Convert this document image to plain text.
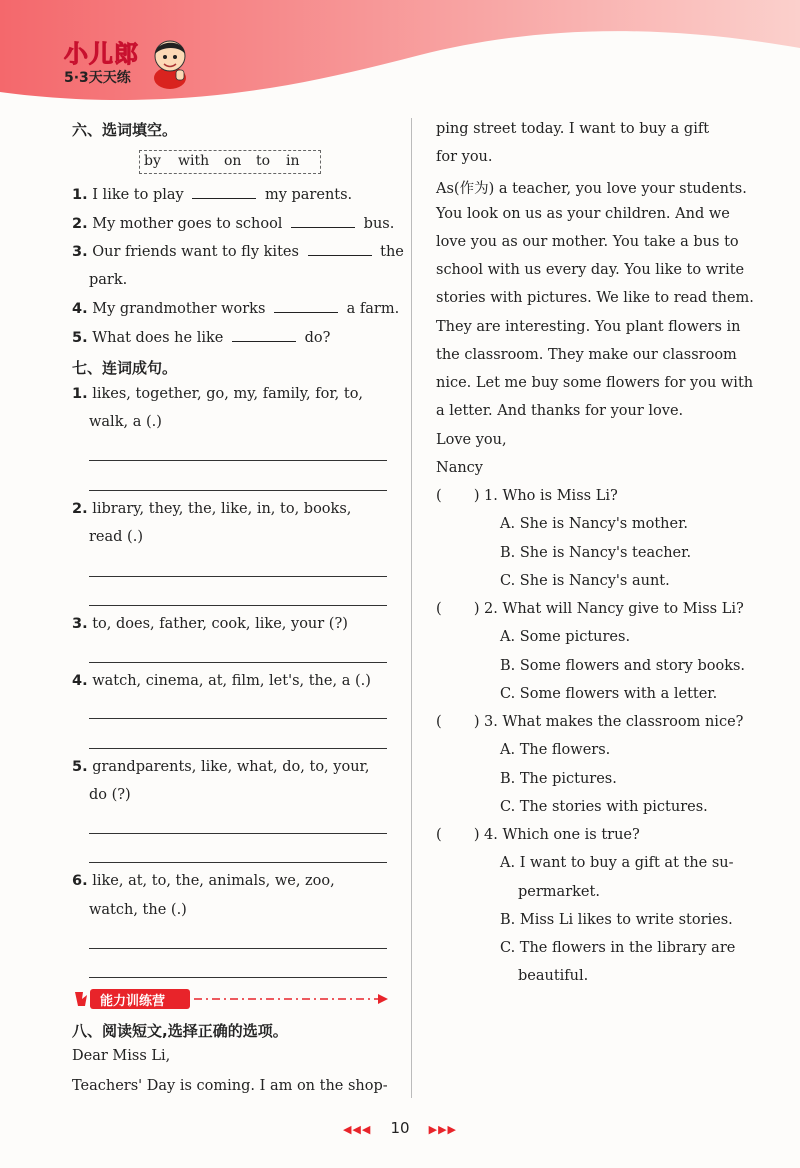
小儿郎
5·3天天练
六、选词填空。
by with on to in
1. I like to play	my parents.
2. My mother goes to school	bus.
3. Our friends want to fly kites	the
park.
4. My grandmother works	a farm.
5. What does he like	do?
七、连词成句。
1. likes, together, go, my, family, for, to,
walk, a (.)
2. library, they, the, like, in, to, books,
read (.)
3. to, does, father, cook, like, your (?)
4. watch, cinema, at, film, let's, the, a (.)
5. grandparents, like, what, do, to, your,
do (?)
6. like, at, to, the, animals, we, zoo,
watch, the (.)
能力训练营
八、阅读短文,选择正确的选项。
Dear Miss Li,
Teachers' Day is coming. I am on the shop-
ping street today. I want to buy a gift
for you.
As(作为) a teacher, you love your students.
You look on us as your children. And we
love you as our mother. You take a bus to
school with us every day. You like to write
stories with pictures. We like to read them.
They are interesting. You plant flowers in
the classroom. They make our classroom
nice. Let me buy some flowers for you with
a letter. And thanks for your love.
Love you,
Nancy
(       ) 1. Who is Miss Li?
A. She is Nancy's mother.
B. She is Nancy's teacher.
C. She is Nancy's aunt.
(       ) 2. What will Nancy give to Miss Li?
A. Some pictures.
B. Some flowers and story books.
C. Some flowers with a letter.
(       ) 3. What makes the classroom nice?
A. The flowers.
B. The pictures.
C. The stories with pictures.
(       ) 4. Which one is true?
A. I want to buy a gift at the su-
permarket.
B. Miss Li likes to write stories.
C. The flowers in the library are
beautiful.
◀◀◀ 10 ▶▶▶
